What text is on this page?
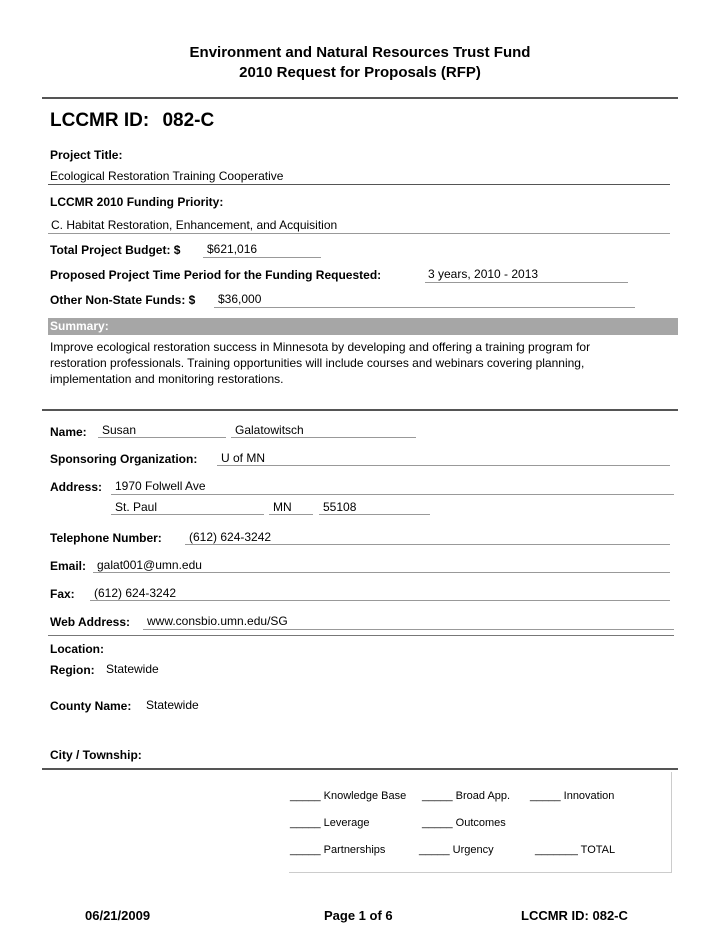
Environment and Natural Resources Trust Fund
2010 Request for Proposals (RFP)
LCCMR ID: 082-C
Project Title:
Ecological Restoration Training Cooperative
LCCMR 2010 Funding Priority:
C. Habitat Restoration, Enhancement, and Acquisition
Total Project Budget: $ $621,016
Proposed Project Time Period for the Funding Requested:	3 years, 2010 - 2013
Other Non-State Funds: $ $36,000
Summary:
Improve ecological restoration success in Minnesota by developing and offering a training program for restoration professionals. Training opportunities will include courses and webinars covering planning, implementation and monitoring restorations.
Name: Susan	Galatowitsch
Sponsoring Organization: U of MN
Address: 1970 Folwell Ave
St. Paul	MN	55108
Telephone Number: (612) 624-3242
Email: galat001@umn.edu
Fax: (612) 624-3242
Web Address: www.consbio.umn.edu/SG
Location:
Region: Statewide
County Name: Statewide
City / Township:
_____ Knowledge Base _____ Broad App. _____ Innovation
_____ Leverage	_____ Outcomes
_____ Partnerships	_____ Urgency	_______ TOTAL
06/21/2009	Page 1 of 6	LCCMR ID: 082-C
